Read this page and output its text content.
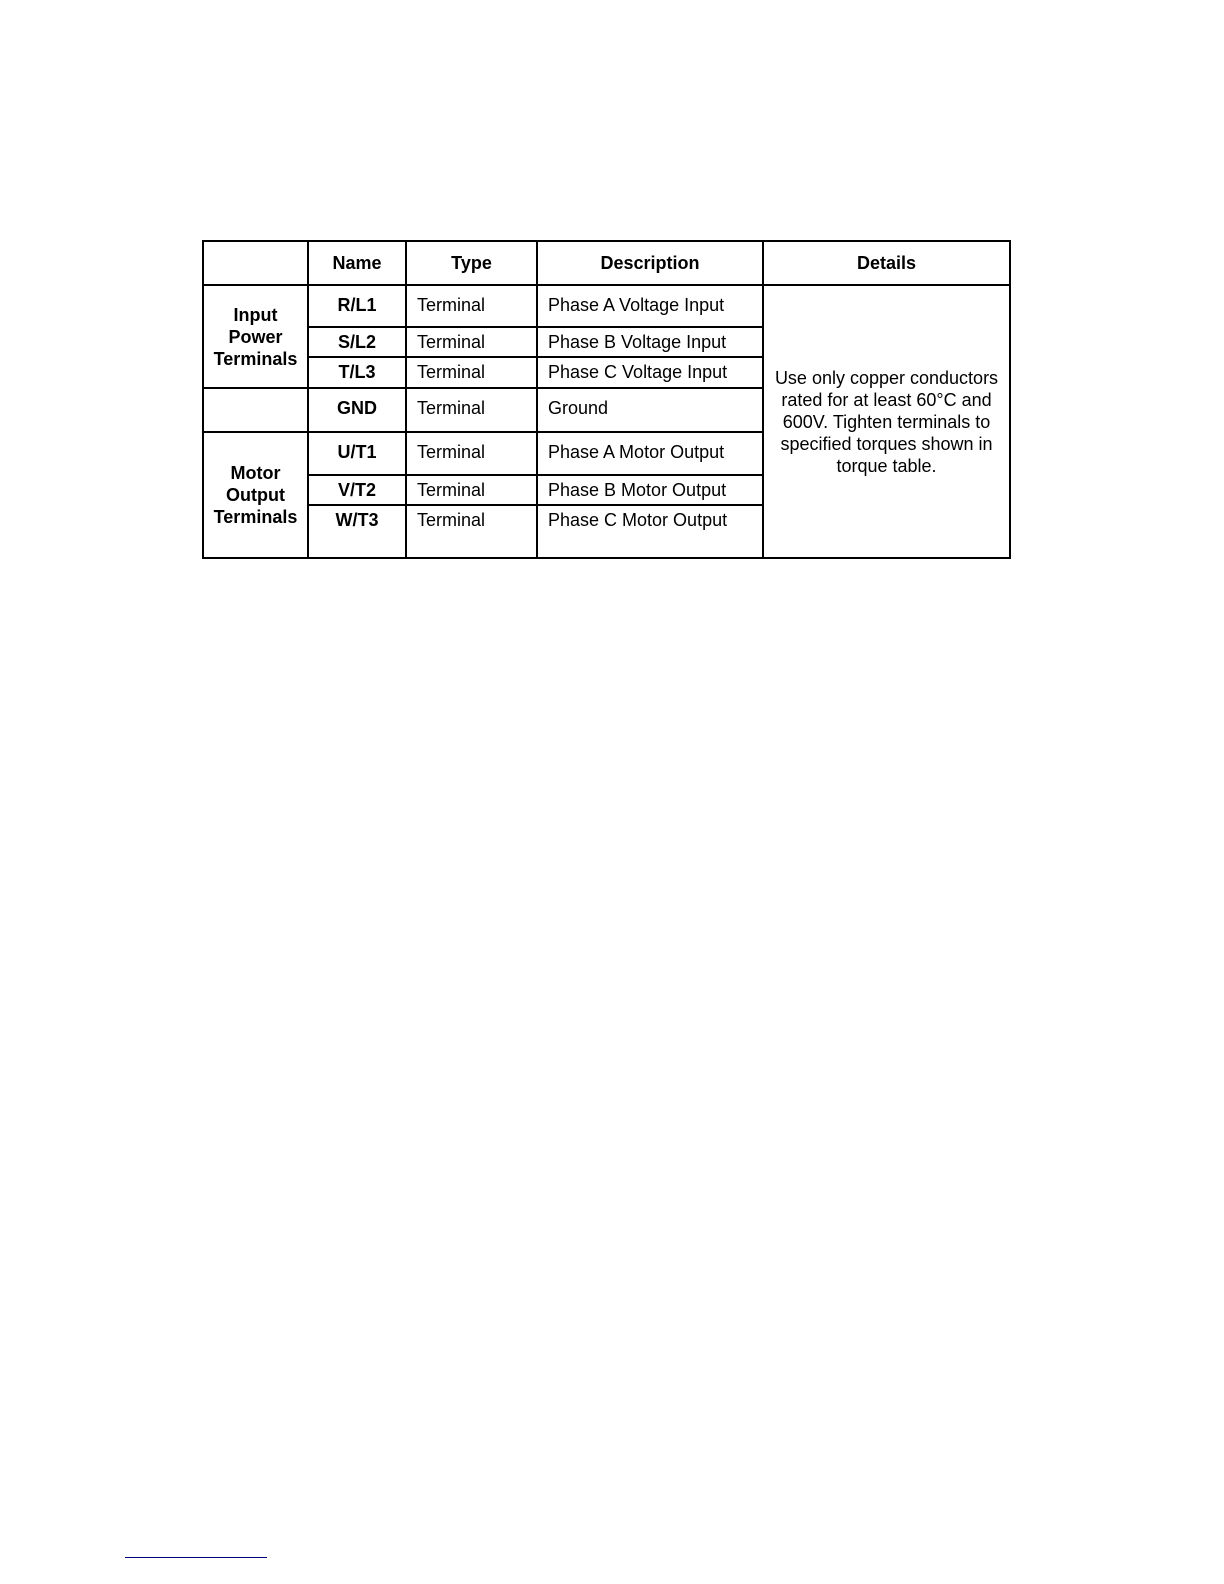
	Name	Type	Description	Details
Input Power Terminals	R/L1	Terminal	Phase A Voltage Input	Use only copper conductors rated for at least 60°C and 600V. Tighten terminals to specified torques shown in torque table.
	S/L2	Terminal	Phase B Voltage Input	
	T/L3	Terminal	Phase C Voltage Input	
	GND	Terminal	Ground	
Motor Output Terminals	U/T1	Terminal	Phase A Motor Output	
	V/T2	Terminal	Phase B Motor Output	
	W/T3	Terminal	Phase C Motor Output	
